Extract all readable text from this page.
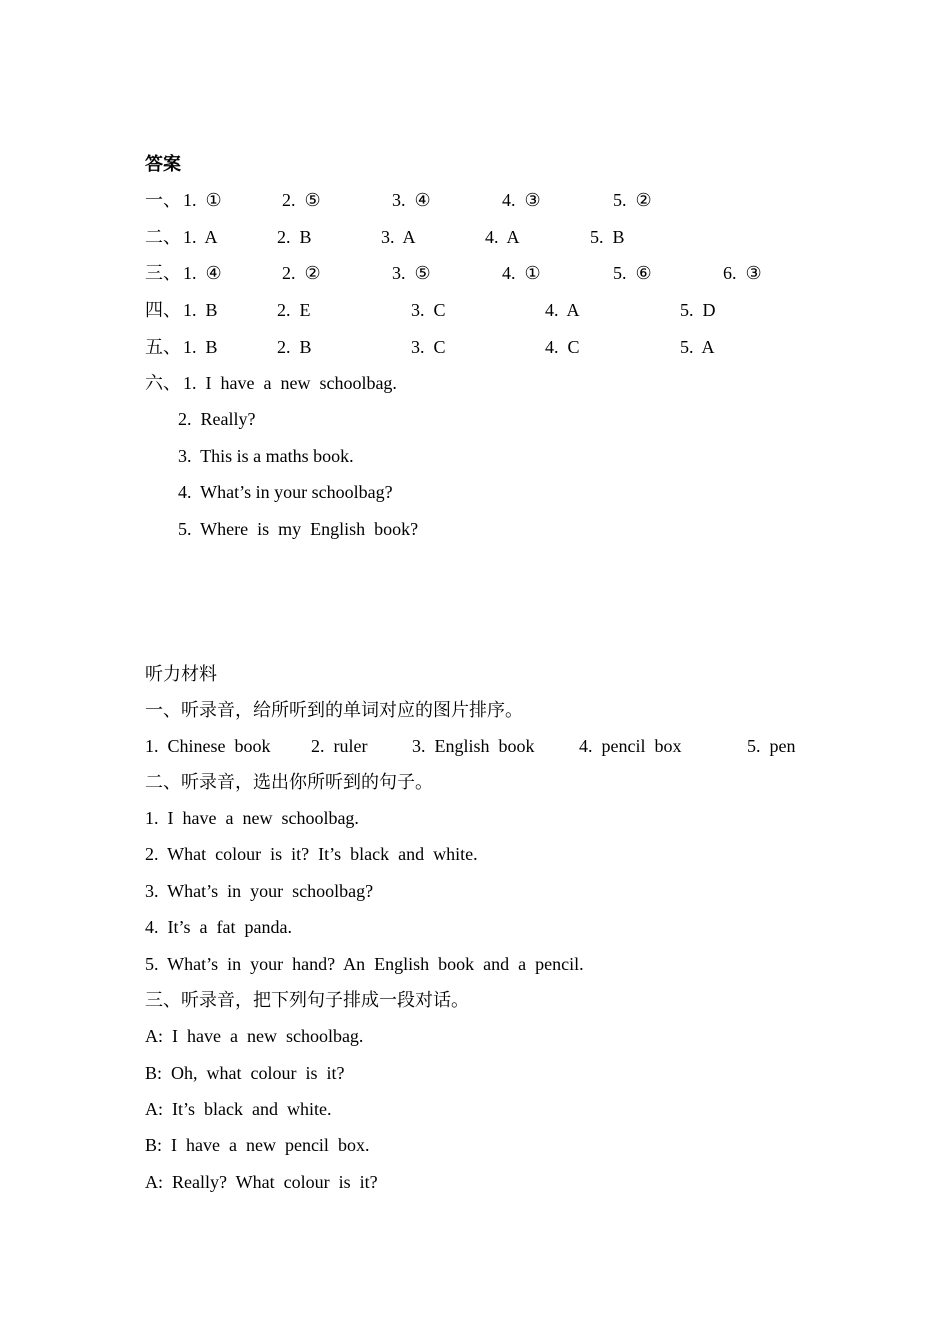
答案
一、 1.  ①	2.  ⑤	3.  ④	4.  ③	5.  ②
二、 1.  A	2.  B	3.  A	4.  A	5.  B
三、 1.  ④	2.  ②	3.  ⑤	4.  ①	5.  ⑥	6.  ③
四、 1.  B	2.  E	3.  C	4.  A	5.  D
五、 1.  B	2.  B	3.  C	4.  C	5.  A
六、 1.  I  have  a  new  schoolbag.
2.  Really?
3.  This is a maths book.
4.  What’s in your schoolbag?
5.  Where  is  my  English  book?
听力材料
一、听录音，给所听到的单词对应的图片排序。
1.  Chinese  book 2.  ruler 3.  English  book 4.  pencil  box	5.  pen
二、听录音，选出你所听到的句子。
1.  I  have  a  new  schoolbag.
2.  What  colour  is  it?  It’s  black  and  white.
3.  What’s  in  your  schoolbag?
4.  It’s  a  fat  panda.
5.  What’s  in  your  hand?  An  English  book  and  a  pencil.
三、听录音，把下列句子排成一段对话。
A:  I  have  a  new  schoolbag.
B:  Oh,  what  colour  is  it?
A:  It’s  black  and  white.
B:  I  have  a  new  pencil  box.
A:  Really?  What  colour  is  it?
